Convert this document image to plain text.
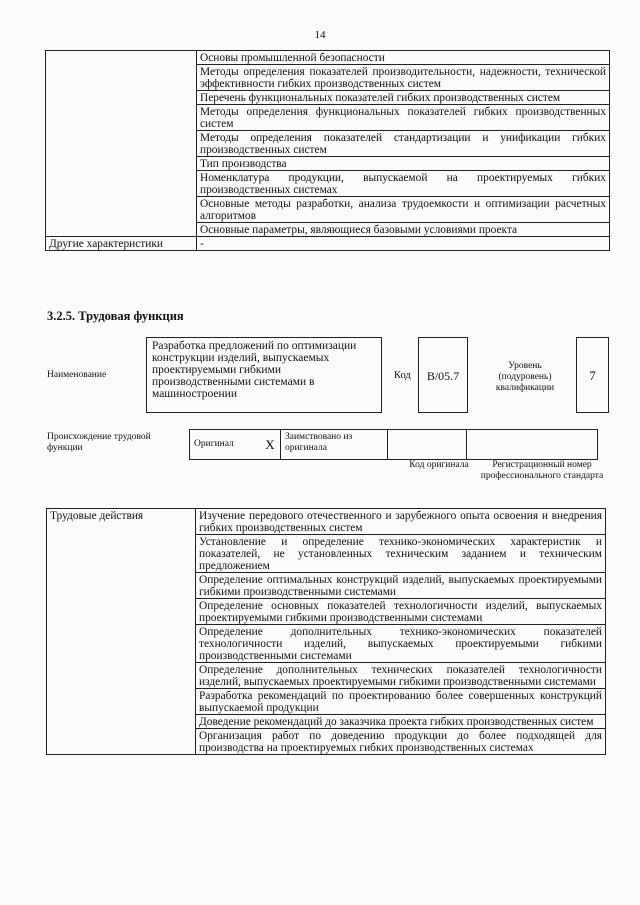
14
	Основы промышленной безопасности
	Методы определения показателей производительности, надежности, технической эффективности гибких производственных систем
	Перечень функциональных показателей гибких производственных систем
	Методы определения функциональных показателей гибких производственных систем
	Методы определения показателей стандартизации и унификации гибких производственных систем
	Тип производства
	Номенклатура продукции, выпускаемой на проектируемых гибких производственных системах
	Основные методы разработки, анализа трудоемкости и оптимизации расчетных алгоритмов
	Основные параметры, являющиеся базовыми условиями проекта
Другие характеристики	-
3.2.5. Трудовая функция
Наименование
Разработка предложений по оптимизации конструкции изделий, выпускаемых проектируемыми гибкими производственными системами в машиностроении
Код	B/05.7
Уровень (подуровень) квалификации
7
Происхождение трудовой функции	Оригинал	X	Заимствовано из оригинала		
Код оригинала	Регистрационный номер профессионального стандарта
Трудовые действия	Изучение передового отечественного и зарубежного опыта освоения и внедрения гибких производственных систем
Установление и определение технико-экономических характеристик и показателей, не установленных техническим заданием и техническим предложением
Определение оптимальных конструкций изделий, выпускаемых проектируемыми гибкими производственными системами
Определение основных показателей технологичности изделий, выпускаемых проектируемыми гибкими производственными системами
Определение дополнительных технико-экономических показателей технологичности изделий, выпускаемых проектируемыми гибкими производственными системами
Определение дополнительных технических показателей технологичности изделий, выпускаемых проектируемыми гибкими производственными системами
Разработка рекомендаций по проектированию более совершенных конструкций выпускаемой продукции
Доведение рекомендаций до заказчика проекта гибких производственных систем
Организация работ по доведению продукции до более подходящей для производства на проектируемых гибких производственных системах
